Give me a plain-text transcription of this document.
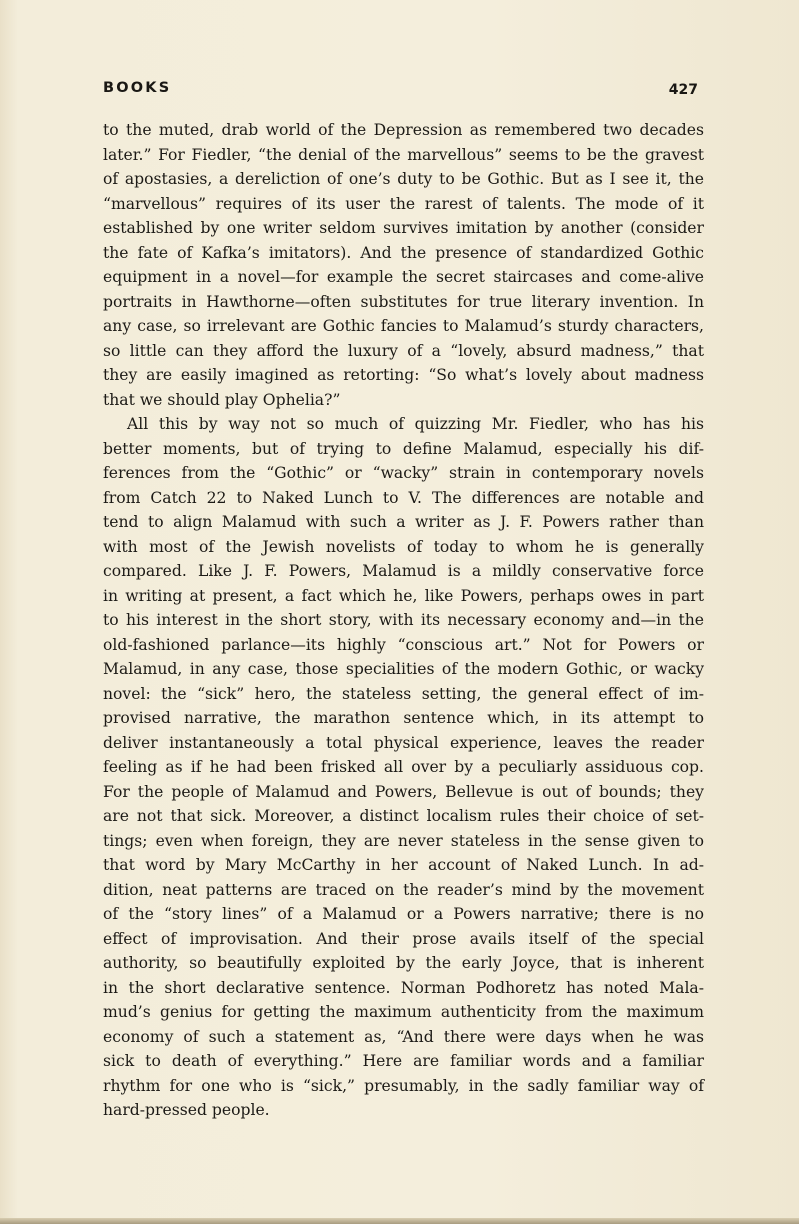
BOOKS	427
to the muted, drab world of the Depression as remembered two decades
later.” For Fiedler, “the denial of the marvellous” seems to be the gravest
of apostasies, a dereliction of one’s duty to be Gothic. But as I see it, the
“marvellous” requires of its user the rarest of talents. The mode of it
established by one writer seldom survives imitation by another (consider
the fate of Kafka’s imitators). And the presence of standardized Gothic
equipment in a novel—for example the secret staircases and come-alive
portraits in Hawthorne—often substitutes for true literary invention. In
any case, so irrelevant are Gothic fancies to Malamud’s sturdy characters,
so little can they afford the luxury of a “lovely, absurd madness,” that
they are easily imagined as retorting: “So what’s lovely about madness
that we should play Ophelia?”
All this by way not so much of quizzing Mr. Fiedler, who has his
better moments, but of trying to define Malamud, especially his dif-
ferences from the “Gothic” or “wacky” strain in contemporary novels
from Catch 22 to Naked Lunch to V. The differences are notable and
tend to align Malamud with such a writer as J. F. Powers rather than
with most of the Jewish novelists of today to whom he is generally
compared. Like J. F. Powers, Malamud is a mildly conservative force
in writing at present, a fact which he, like Powers, perhaps owes in part
to his interest in the short story, with its necessary economy and—in the
old-fashioned parlance—its highly “conscious art.” Not for Powers or
Malamud, in any case, those specialities of the modern Gothic, or wacky
novel: the “sick” hero, the stateless setting, the general effect of im-
provised narrative, the marathon sentence which, in its attempt to
deliver instantaneously a total physical experience, leaves the reader
feeling as if he had been frisked all over by a peculiarly assiduous cop.
For the people of Malamud and Powers, Bellevue is out of bounds; they
are not that sick. Moreover, a distinct localism rules their choice of set-
tings; even when foreign, they are never stateless in the sense given to
that word by Mary McCarthy in her account of Naked Lunch. In ad-
dition, neat patterns are traced on the reader’s mind by the movement
of the “story lines” of a Malamud or a Powers narrative; there is no
effect of improvisation. And their prose avails itself of the special
authority, so beautifully exploited by the early Joyce, that is inherent
in the short declarative sentence. Norman Podhoretz has noted Mala-
mud’s genius for getting the maximum authenticity from the maximum
economy of such a statement as, “And there were days when he was
sick to death of everything.” Here are familiar words and a familiar
rhythm for one who is “sick,” presumably, in the sadly familiar way of
hard-pressed people.
